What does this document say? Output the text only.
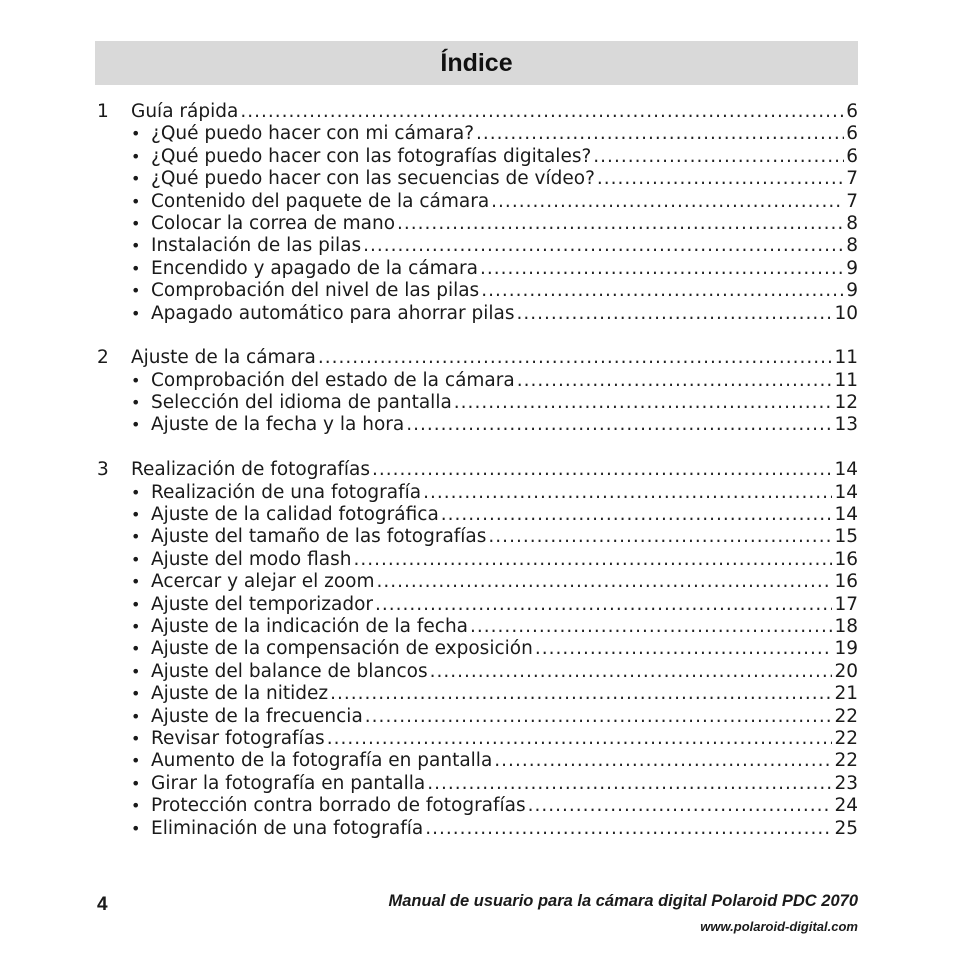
Índice
1	Guía rápida .....	6
• ¿Qué puedo hacer con mi cámara? .....	6
• ¿Qué puedo hacer con las fotografías digitales? .....	6
• ¿Qué puedo hacer con las secuencias de vídeo? .....	7
• Contenido del paquete de la cámara .....	7
• Colocar la correa de mano .....	8
• Instalación de las pilas .....	8
• Encendido y apagado de la cámara .....	9
• Comprobación del nivel de las pilas .....	9
• Apagado automático para ahorrar pilas .....	10
2	Ajuste de la cámara .....	11
• Comprobación del estado de la cámara .....	11
• Selección del idioma de pantalla .....	12
• Ajuste de la fecha y la hora .....	13
3	Realización de fotografías .....	14
• Realización de una fotografía .....	14
• Ajuste de la calidad fotográfica .....	14
• Ajuste del tamaño de las fotografías .....	15
• Ajuste del modo flash .....	16
• Acercar y alejar el zoom .....	16
• Ajuste del temporizador .....	17
• Ajuste de la indicación de la fecha .....	18
• Ajuste de la compensación de exposición .....	19
• Ajuste del balance de blancos .....	20
• Ajuste de la nitidez .....	21
• Ajuste de la frecuencia .....	22
• Revisar fotografías .....	22
• Aumento de la fotografía en pantalla .....	22
• Girar la fotografía en pantalla .....	23
• Protección contra borrado de fotografías .....	24
• Eliminación de una fotografía .....	25
4	Manual de usuario para la cámara digital Polaroid PDC 2070
www.polaroid-digital.com
